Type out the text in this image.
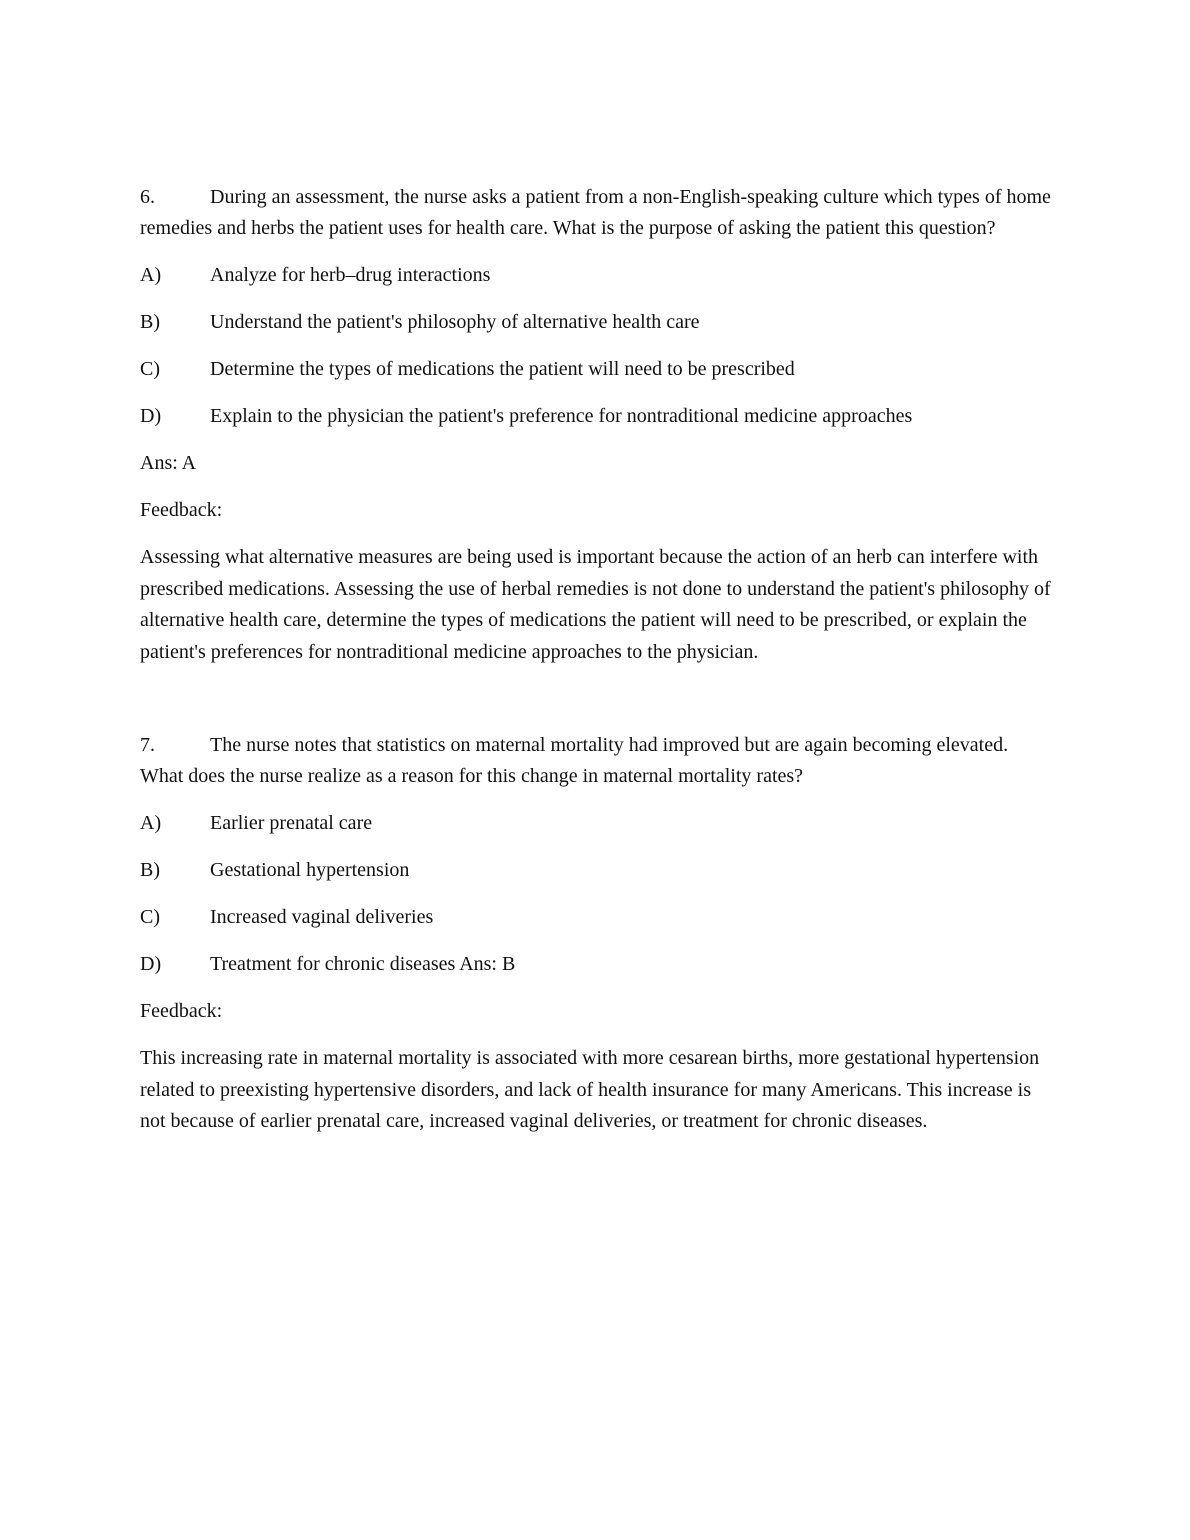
6.	During an assessment, the nurse asks a patient from a non-English-speaking culture which types of home remedies and herbs the patient uses for health care. What is the purpose of asking the patient this question?

A)	Analyze for herb–drug interactions
B)	Understand the patient's philosophy of alternative health care
C)	Determine the types of medications the patient will need to be prescribed
D)	Explain to the physician the patient's preference for nontraditional medicine approaches

Ans: A

Feedback:

Assessing what alternative measures are being used is important because the action of an herb can interfere with prescribed medications. Assessing the use of herbal remedies is not done to understand the patient's philosophy of alternative health care, determine the types of medications the patient will need to be prescribed, or explain the patient's preferences for nontraditional medicine approaches to the physician.

7.	The nurse notes that statistics on maternal mortality had improved but are again becoming elevated. What does the nurse realize as a reason for this change in maternal mortality rates?

A)	Earlier prenatal care
B)	Gestational hypertension
C)	Increased vaginal deliveries
D)	Treatment for chronic diseases Ans: B

Feedback:

This increasing rate in maternal mortality is associated with more cesarean births, more gestational hypertension related to preexisting hypertensive disorders, and lack of health insurance for many Americans. This increase is not because of earlier prenatal care, increased vaginal deliveries, or treatment for chronic diseases.
